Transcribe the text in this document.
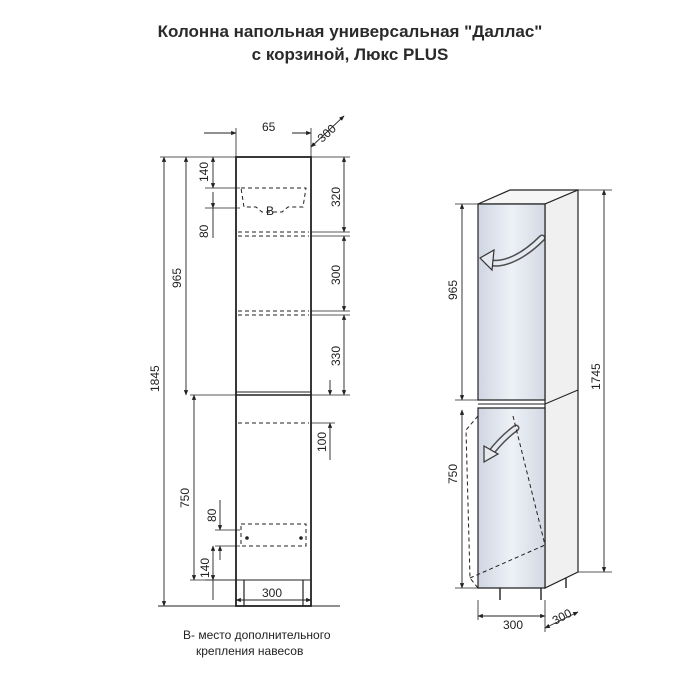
Колонна напольная универсальная "Даллас"
с корзиной, Люкс PLUS
65	300
140
80
965
1845
320
300
330
100
750
80
140
300
B
965
1745
750
300 300
В- место дополнительного
крепления навесов
